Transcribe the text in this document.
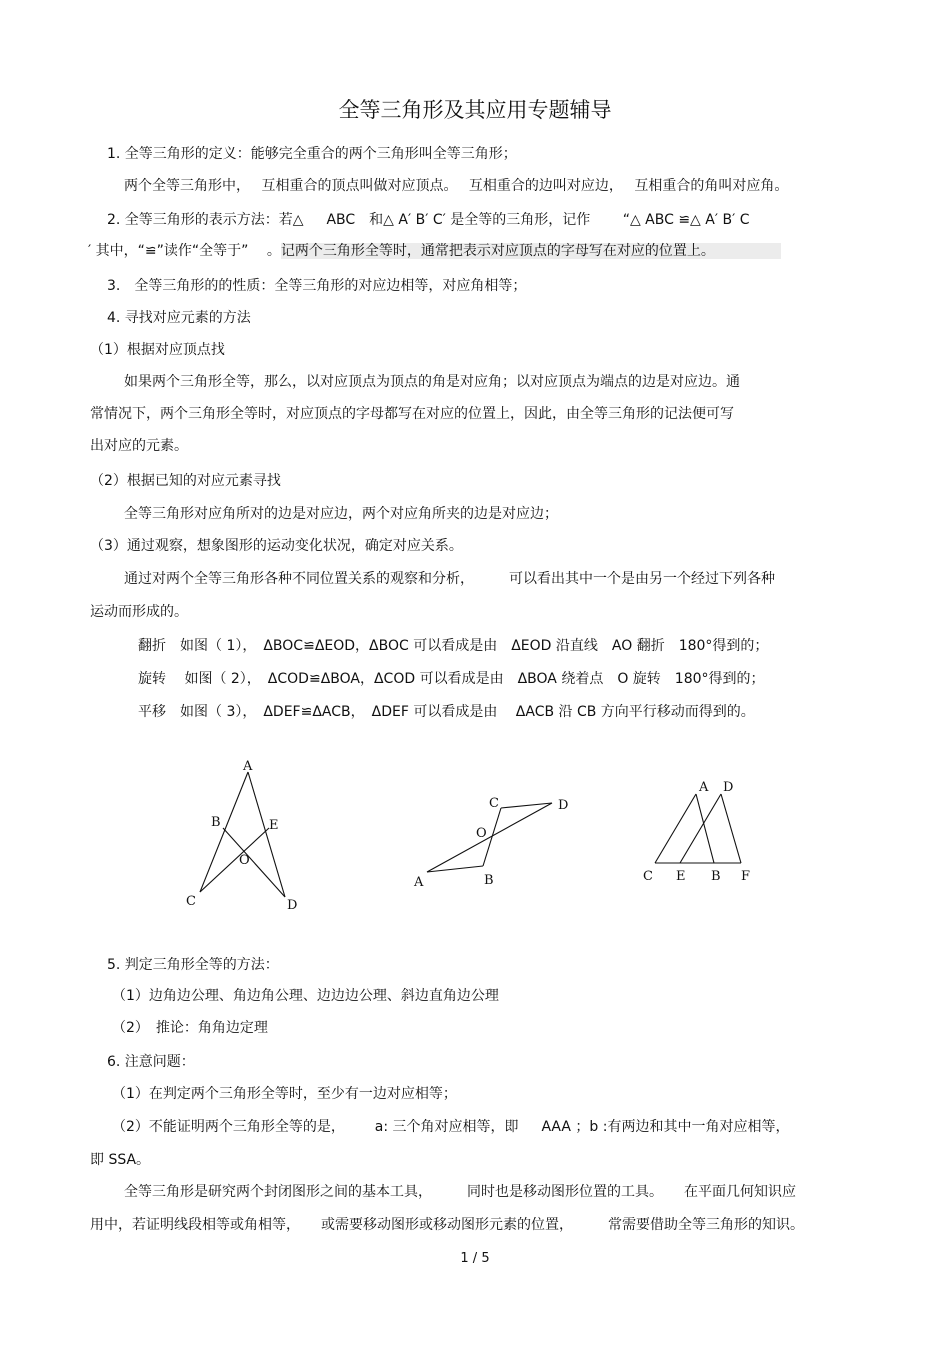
全等三角形及其应用专题辅导
1. 全等三角形的定义：能够完全重合的两个三角形叫全等三角形；
两个全等三角形中，　 互相重合的顶点叫做对应顶点。　 互相重合的边叫对应边，　 互相重合的角叫对应角。
2. 全等三角形的表示方法：若△　  ABC　和△ A′ B′ C′ 是全等的三角形，记作　　 “△ ABC ≌△ A′ B′ C
′ 其中，“≌”读作“全等于”　 。记两个三角形全等时，通常把表示对应顶点的字母写在对应的位置上。
3.　全等三角形的的性质：全等三角形的对应边相等，对应角相等；
4. 寻找对应元素的方法
（1）根据对应顶点找
如果两个三角形全等，那么，以对应顶点为顶点的角是对应角；以对应顶点为端点的边是对应边。通
常情况下，两个三角形全等时，对应顶点的字母都写在对应的位置上，因此，由全等三角形的记法便可写
出对应的元素。
（2）根据已知的对应元素寻找
全等三角形对应角所对的边是对应边，两个对应角所夹的边是对应边；
（3）通过观察，想象图形的运动变化状况，确定对应关系。
通过对两个全等三角形各种不同位置关系的观察和分析，　　　可以看出其中一个是由另一个经过下列各种
运动而形成的。
翻折　如图（ 1），　ΔBOC≌ΔEOD，ΔBOC 可以看成是由　ΔEOD 沿直线　AO 翻折　180°得到的；
旋转　 如图（ 2），　ΔCOD≌ΔBOA，ΔCOD 可以看成是由　ΔBOA 绕着点　O 旋转　180°得到的；
平移　如图（ 3），　ΔDEF≌ΔACB，　ΔDEF 可以看成是由　 ΔACB 沿 CB 方向平行移动而得到的。
A
B	E
O
C	D
C	D
O
A	B
A D
C E B F
5. 判定三角形全等的方法：
（1）边角边公理、角边角公理、边边边公理、斜边直角边公理
（2）　推论：角角边定理
6. 注意问题：
（1）在判定两个三角形全等时，至少有一边对应相等；
（2）不能证明两个三角形全等的是，　　  a: 三个角对应相等，即　  AAA ；b :有两边和其中一角对应相等，
即 SSA。
全等三角形是研究两个封闭图形之间的基本工具，　　　同时也是移动图形位置的工具。　　在平面几何知识应
用中，若证明线段相等或角相等，　　或需要移动图形或移动图形元素的位置，　　　常需要借助全等三角形的知识。
1 / 5
